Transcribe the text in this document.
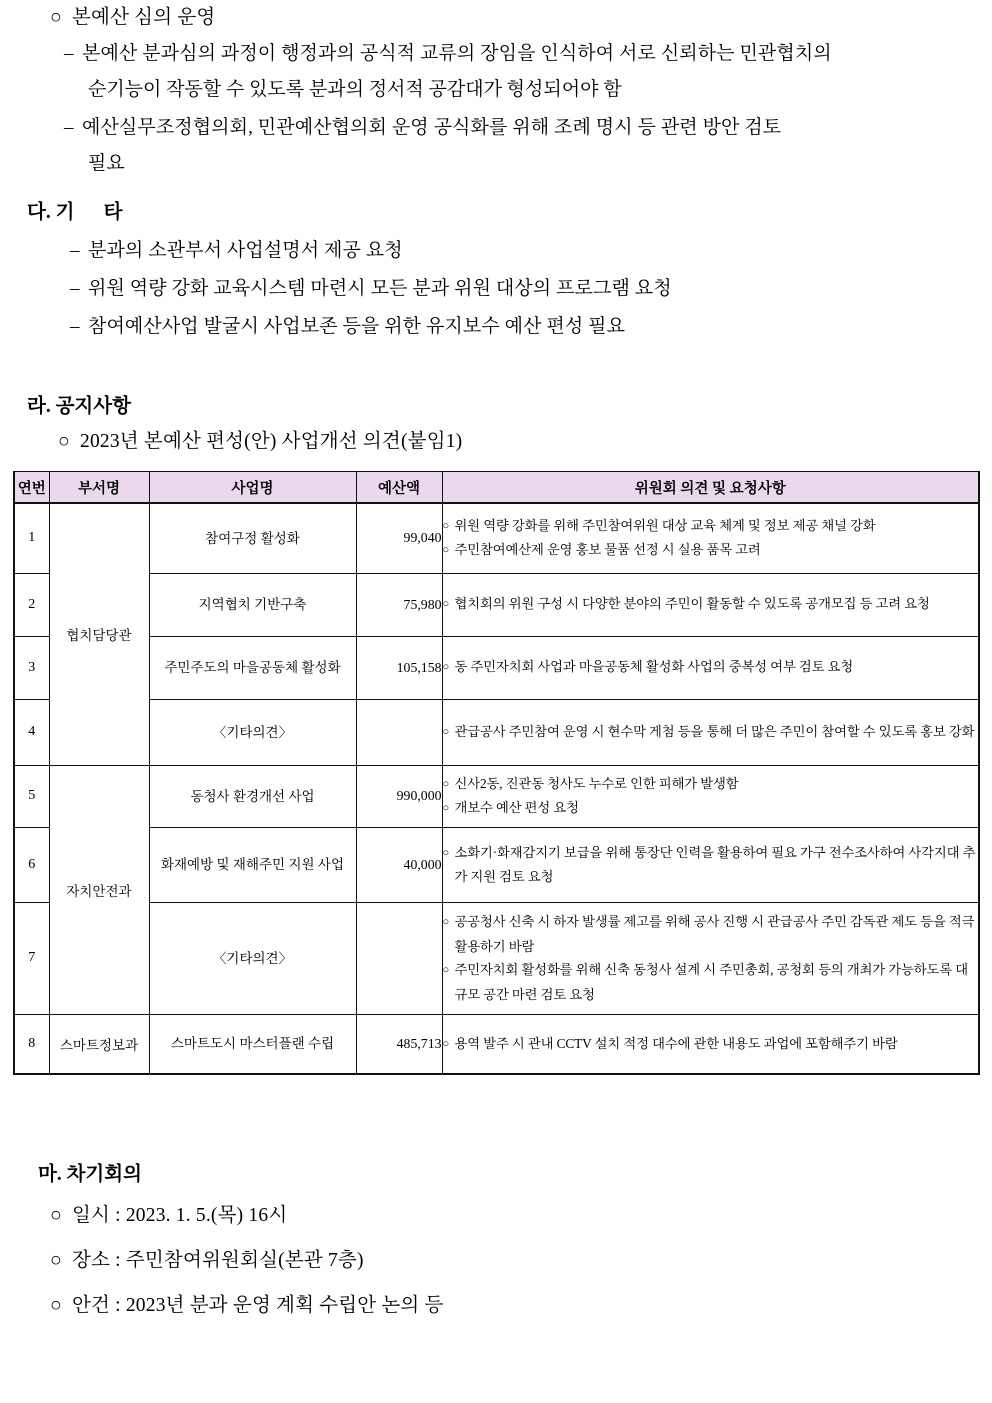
○ 본예산 심의 운영
– 본예산 분과심의 과정이 행정과의 공식적 교류의 장임을 인식하여 서로 신뢰하는 민관협치의
순기능이 작동할 수 있도록 분과의 정서적 공감대가 형성되어야 함
– 예산실무조정협의회, 민관예산협의회 운영 공식화를 위해 조례 명시 등 관련 방안 검토
필요
다. 기      타
– 분과의 소관부서 사업설명서 제공 요청
– 위원 역량 강화 교육시스템 마련시 모든 분과 위원 대상의 프로그램 요청
– 참여예산사업 발굴시 사업보존 등을 위한 유지보수 예산 편성 필요
라. 공지사항
○ 2023년 본예산 편성(안) 사업개선 의견(붙임1)
연번	부서명	사업명	예산액	위원회 의견 및 요청사항
1	협치담당관	참여구정 활성화	99,040	
○ 위원 역량 강화를 위해 주민참여위원 대상 교육 체계 및 정보 제공 채널 강화
○ 주민참여예산제 운영 홍보 물품 선정 시 실용 품목 고려

2	지역협치 기반구축	75,980	○ 협치회의 위원 구성 시 다양한 분야의 주민이 활동할 수 있도록 공개모집 등 고려 요청

3	주민주도의 마을공동체 활성화	105,158	○ 동 주민자치회 사업과 마을공동체 활성화 사업의 중복성 여부 검토 요청

4	〈기타의견〉		○ 관급공사 주민참여 운영 시 현수막 게첨 등을 통해 더 많은 주민이 참여할 수 있도록 홍보 강화

5	자치안전과	동청사 환경개선 사업	990,000	
○ 신사2동, 진관동 청사도 누수로 인한 피해가 발생함
○ 개보수 예산 편성 요청

6	화재예방 및 재해주민 지원 사업	40,000	
○ 소화기·화재감지기 보급을 위해 통장단 인력을 활용하여 필요 가구 전수조사하여 사각지대 추가 지원 검토 요청

7	〈기타의견〉		
○ 공공청사 신축 시 하자 발생률 제고를 위해 공사 진행 시 관급공사 주민 감독관 제도 등을 적극 활용하기 바람
○ 주민자치회 활성화를 위해 신축 동청사 설계 시 주민총회, 공청회 등의 개최가 가능하도록 대규모 공간 마련 검토 요청

8	스마트정보과	스마트도시 마스터플랜 수립	485,713	○ 용역 발주 시 관내 CCTV 설치 적정 대수에 관한 내용도 과업에 포함해주기 바람
마. 차기회의
○ 일시 : 2023. 1. 5.(목) 16시
○ 장소 : 주민참여위원회실(본관 7층)
○ 안건 : 2023년 분과 운영 계획 수립안 논의 등
